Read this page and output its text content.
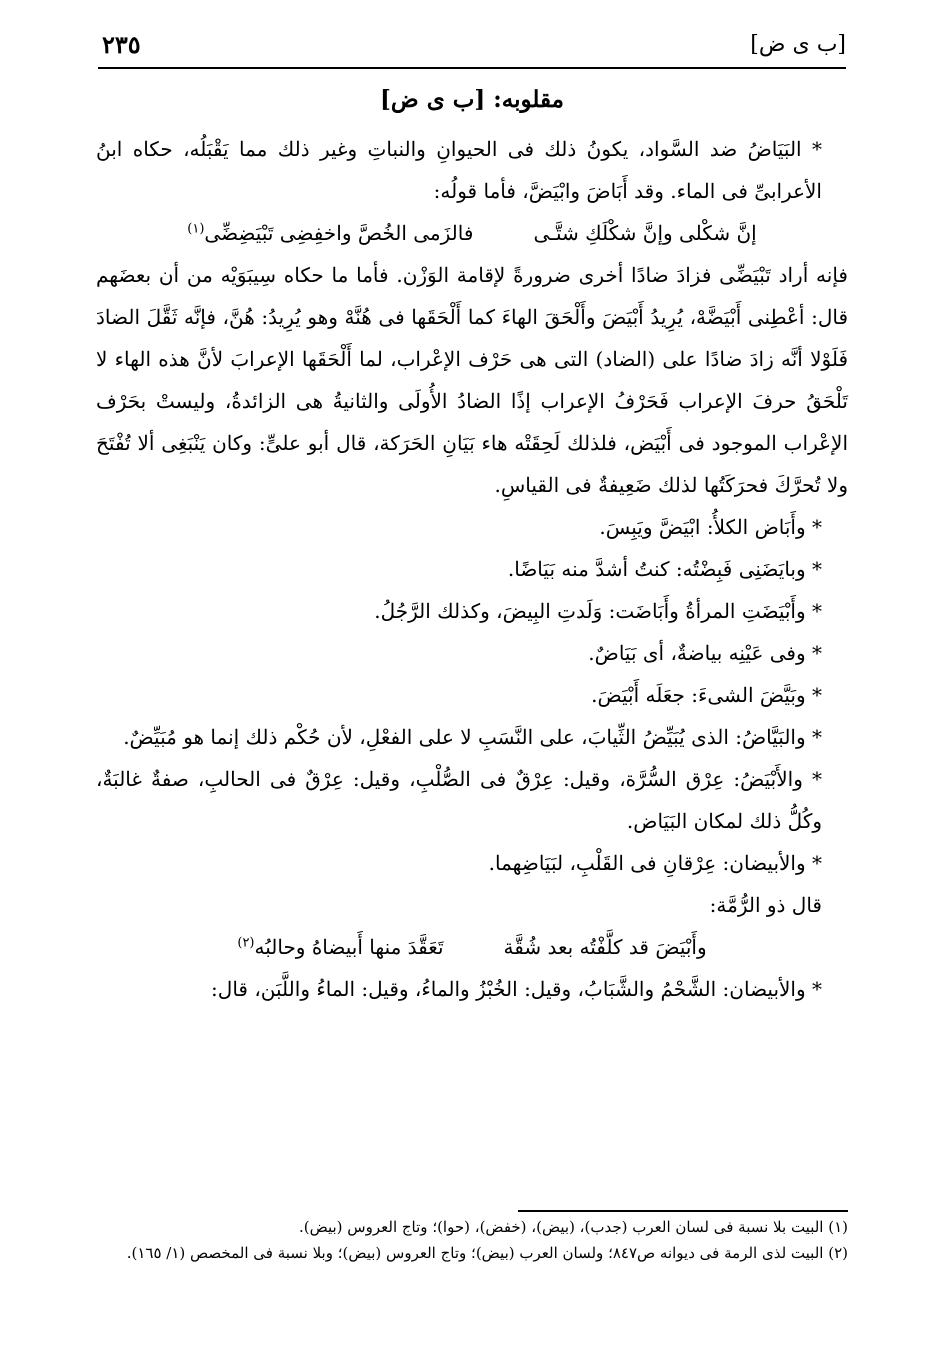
٢٣٥	[ب ى ض]
مقلوبه: [ب ى ض]

* البَيَاضُ ضد السَّواد، يكونُ ذلك فى الحيوانِ والنباتِ وغير ذلك مما يَقْبَلُه، حكاه ابنُ الأعرابىِّ فى الماء. وقد أَبَاضَ وابْيَضَّ، فأما قولُه:

إنَّ شكْلى وإنَّ شكْلَكِ شتَّـى
فالزَمى الخُصَّ واخفِضِى تَبْيَضِضِّى$^{(١)}$

فإنه أراد تَبْيَضِّى فزادَ ضادًا أخرى ضرورةً لإقامة الوَزْن. فأما ما حكاه سِيبَوَيْه من أن بعضَهم قال: أعْطِنى أَبْيَضَّهْ، يُرِيدُ أَبْيَضَ وأَلْحَقَ الهاءَ كما أَلْحَقَها فى هُنَّهْ وهو يُرِيدُ: هُنَّ، فإنَّه ثَقَّلَ الضادَ فَلَوْلا أنَّه زادَ ضادًا على (الضاد) التى هى حَرْف الإعْراب، لما أَلْحَقَها الإعرابَ لأنَّ هذه الهاء لا تَلْحَقُ حرفَ الإعراب فَحَرْفُ الإعراب إذًا الضادُ الأُولَى والثانيةُ هى الزائدةُ، وليستْ بحَرْف الإعْراب الموجود فى أَبْيَض، فلذلك لَحِقَتْه هاء بَيَانِ الحَرَكة، قال أبو علىٍّ: وكان يَنْبَغِى ألا تُفْتَحَ ولا تُحرَّكَ فحرَكَتُها لذلك ضَعِيفةٌ فى القياسِ.

* وأَبَاض الكلأُ: ابْيَضَّ ويَبِسَ.

* وبايَضَنِى فَبِضْتُه: كنتُ أشدَّ منه بَيَاضًا.

* وأَبْيَضَتِ المرأةُ وأَبَاضَت: وَلَدتِ البِيضَ، وكذلك الرَّجُلُ.

* وفى عَيْنِه بياضةٌ، أى بَيَاضٌ.

* وبَيَّضَ الشىءَ: جعَلَه أَبْيَضَ.

* والبَيَّاضُ: الذى يُبَيِّضُ الثِّيابَ، على النَّسَبِ لا على الفعْلِ، لأن حُكْم ذلك إنما هو مُبَيِّضٌ.

* والأَبْيَضُ: عِرْق السُّرَّة، وقيل: عِرْقٌ فى الصُّلْبِ، وقيل: عِرْقٌ فى الحالبِ، صفةٌ غالبَةٌ، وكُلُّ ذلك لمكان البَيَاض.

* والأبيضان: عِرْقانِ فى القَلْبِ، لبَيَاضِهما.

قال ذو الرُّمَّة:

وأَبْيَضَ قد كلَّفْتُه بعد شُقَّة
تَعَقَّدَ منها أَبيضاهُ وحالبُه$^{(٢)}$

* والأبيضان: الشَّحْمُ والشَّبَابُ، وقيل: الخُبْزُ والماءُ، وقيل: الماءُ واللَّبَن، قال:

(١) البيت بلا نسبة فى لسان العرب (جدب)، (بيض)، (خفض)، (حوا)؛ وتاج العروس (بيض).

(٢) البيت لذى الرمة فى ديوانه ص٨٤٧؛ ولسان العرب (بيض)؛ وتاج العروس (بيض)؛ وبلا نسبة فى المخصص (١/ ١٦٥).
